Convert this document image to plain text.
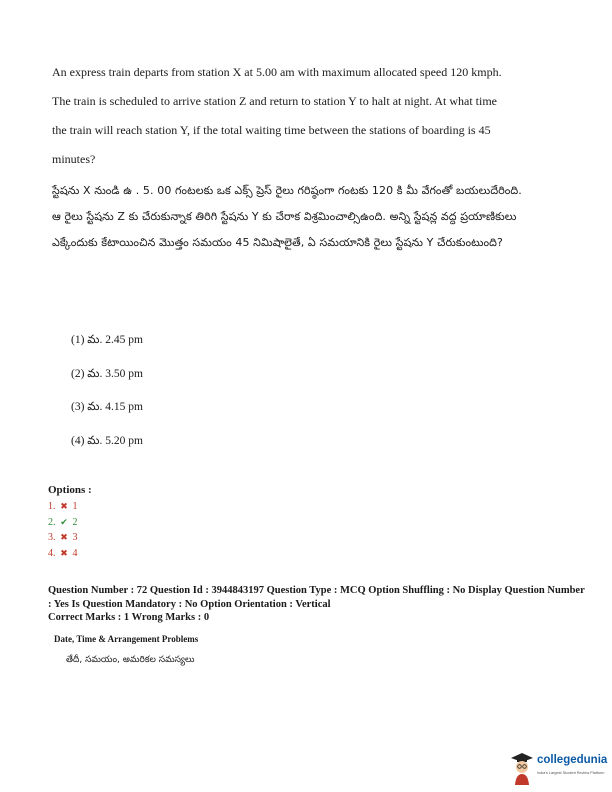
An express train departs from station X at 5.00 am with maximum allocated speed 120 kmph. The train is scheduled to arrive station Z and return to station Y to halt at night. At what time the train will reach station Y, if the total waiting time between the stations of boarding is 45 minutes?

స్టేషను X నుండి ఉ . 5. 00 గంటలకు ఒక ఎక్స్ ప్రెస్ రైలు గరిష్ఠంగా గంటకు 120 కి మీ వేగంతో బయలుదేరింది. ఆ రైలు స్టేషను Z కు చేరుకున్నాక తిరిగి స్టేషను Y కు చేరాక విశ్రమించాల్సిఉంది. అన్ని స్టేషన్ల వద్ద ప్రయాణికులు ఎక్కేందుకు కేటాయించిన మొత్తం సమయం 45 నిమిషాలైతే, ఏ సమయానికి రైలు స్టేషను Y చేరుకుంటుంది?

(1) మ. 2.45 pm
(2) మ. 3.50 pm
(3) మ. 4.15 pm
(4) మ. 5.20 pm
Options :
1. ✖ 1
2. ✔ 2
3. ✖ 3
4. ✖ 4
Question Number : 72 Question Id : 3944843197 Question Type : MCQ Option Shuffling : No Display Question Number : Yes Is Question Mandatory : No Option Orientation : Vertical
Correct Marks : 1 Wrong Marks : 0
Date, Time & Arrangement Problems
తేదీ, సమయం, అమరికల సమస్యలు
collegedunia
India's Largest Student Review Platform
